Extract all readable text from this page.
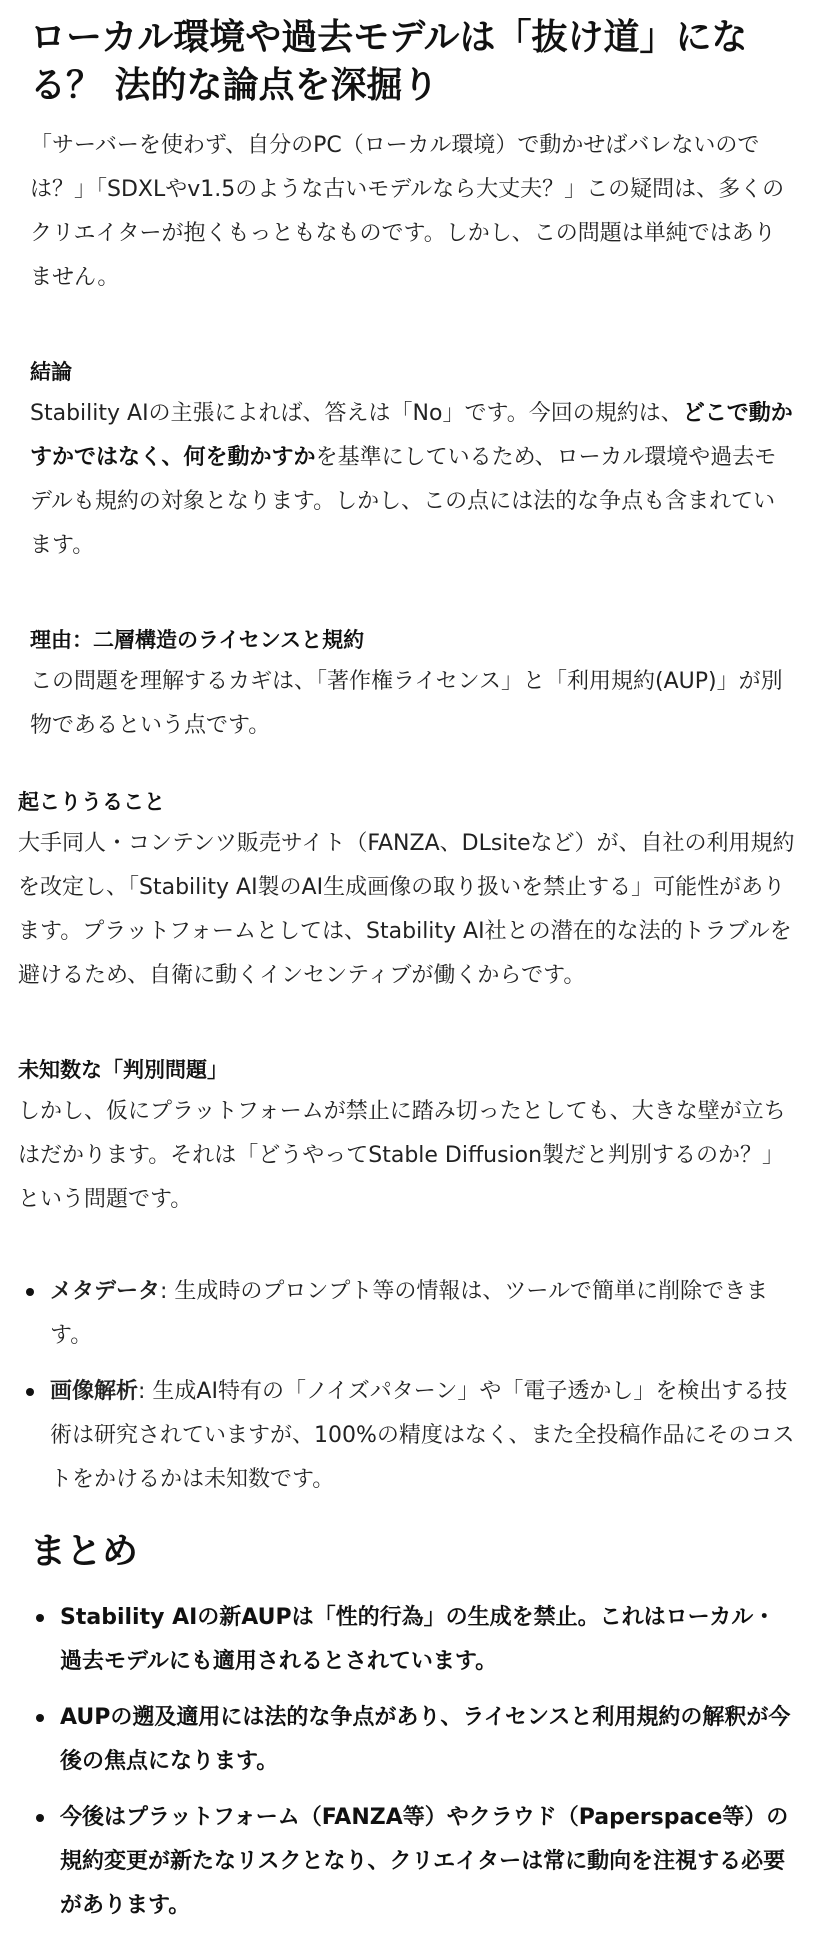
ローカル環境や過去モデルは「抜け道」になる？ 法的な論点を深掘り

「サーバーを使わず、自分のPC（ローカル環境）で動かせばバレないのでは？」「SDXLやv1.5のような古いモデルなら大丈夫？」この疑問は、多くのクリエイターが抱くもっともなものです。しかし、この問題は単純ではありません。

結論

Stability AIの主張によれば、答えは「No」です。今回の規約は、どこで動かすかではなく、何を動かすかを基準にしているため、ローカル環境や過去モデルも規約の対象となります。しかし、この点には法的な争点も含まれています。

理由：二層構造のライセンスと規約

この問題を理解するカギは、「著作権ライセンス」と「利用規約(AUP)」が別物であるという点です。

起こりうること

大手同人・コンテンツ販売サイト（FANZA、DLsiteなど）が、自社の利用規約を改定し、「Stability AI製のAI生成画像の取り扱いを禁止する」可能性があります。プラットフォームとしては、Stability AI社との潜在的な法的トラブルを避けるため、自衛に動くインセンティブが働くからです。

未知数な「判別問題」

しかし、仮にプラットフォームが禁止に踏み切ったとしても、大きな壁が立ちはだかります。それは「どうやってStable Diffusion製だと判別するのか？」という問題です。

メタデータ: 生成時のプロンプト等の情報は、ツールで簡単に削除できます。
画像解析: 生成AI特有の「ノイズパターン」や「電子透かし」を検出する技術は研究されていますが、100%の精度はなく、また全投稿作品にそのコストをかけるかは未知数です。
まとめ
Stability AIの新AUPは「性的行為」の生成を禁止。これはローカル・過去モデルにも適用されるとされています。
AUPの遡及適用には法的な争点があり、ライセンスと利用規約の解釈が今後の焦点になります。
今後はプラットフォーム（FANZA等）やクラウド（Paperspace等）の規約変更が新たなリスクとなり、クリエイターは常に動向を注視する必要があります。
